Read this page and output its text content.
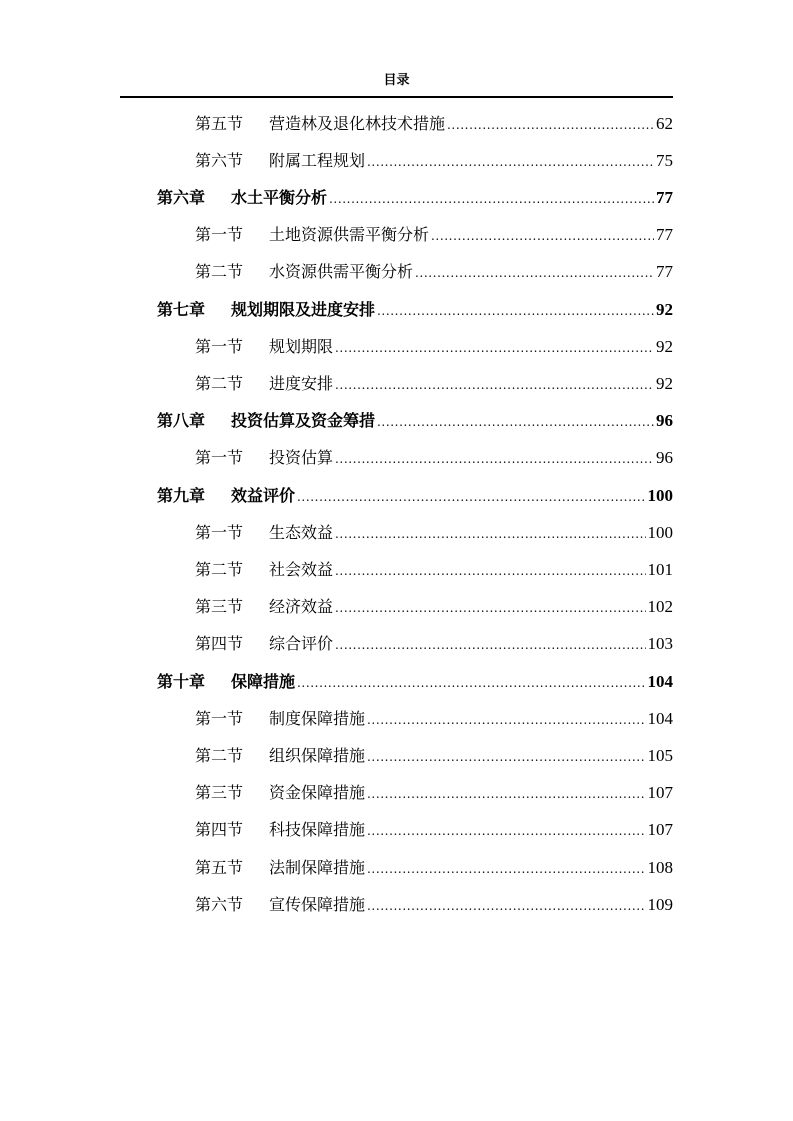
目录
第五节	营造林及退化林技术措施 .....	62
第六节	附属工程规划 .....	75
第六章	水土平衡分析 .....	77
第一节	土地资源供需平衡分析 .....	77
第二节	水资源供需平衡分析 .....	77
第七章	规划期限及进度安排 .....	92
第一节	规划期限 .....	92
第二节	进度安排 .....	92
第八章	投资估算及资金筹措 .....	96
第一节	投资估算 .....	96
第九章	效益评价 .....	100
第一节	生态效益 .....	100
第二节	社会效益 .....	101
第三节	经济效益 .....	102
第四节	综合评价 .....	103
第十章	保障措施 .....	104
第一节	制度保障措施 .....	104
第二节	组织保障措施 .....	105
第三节	资金保障措施 .....	107
第四节	科技保障措施 .....	107
第五节	法制保障措施 .....	108
第六节	宣传保障措施 .....	109
